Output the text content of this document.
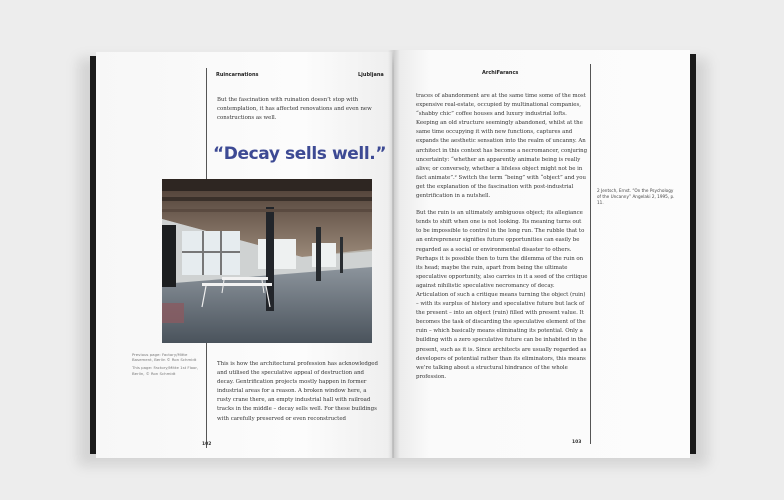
Ruincarnations	Ljubljana
But the fascination with ruination doesn’t stop with contemplation, it has affected renovations and even new constructions as well.
“Decay sells well.”

Previous page: Factory/Mitte Basement, Berlin © Ron Schmidt

This page: Factory/Mitte 1st Floor, Berlin, © Ron Schmidt

This is how the architectural profession has acknowledged and utilised the speculative appeal of destruction and decay. Gentrification projects mostly happen in former industrial areas for a reason. A broken window here, a rusty crane there, an empty industrial hall with railroad tracks in the middle – decay sells well. For these buildings with carefully preserved or even reconstructed
102
ArchiFarancs

traces of abandonment are at the same time some of the most expensive real-estate, occupied by multinational companies, “shabby chic” coffee houses and luxury industrial lofts. Keeping an old structure seemingly abandoned, whilst at the same time occupying it with new functions, captures and expands the aesthetic sensation into the realm of uncanny. An architect in this context has become a necromancer, conjuring uncertainty: “whether an apparently animate being is really alive; or conversely, whether a lifeless object might not be in fact animate”.² Switch the term “being” with “object” and you get the explanation of the fascination with post-industrial gentrification in a nutshell.

But the ruin is an ultimately ambiguous object; its allegiance tends to shift when one is not looking. Its meaning turns out to be impossible to control in the long run. The rubble that to an entrepreneur signifies future opportunities can easily be regarded as a social or environmental disaster to others. Perhaps it is possible then to turn the dilemma of the ruin on its head; maybe the ruin, apart from being the ultimate speculative opportunity, also carries in it a seed of the critique against nihilistic speculative necromancy of decay. Articulation of such a critique means turning the object (ruin) – with its surplus of history and speculative future but lack of the present – into an object (ruin) filled with present value. It becomes the task of discarding the speculative element of the ruin – which basically means eliminating its potential. Only a building with a zero speculative future can be inhabited in the present, such as it is. Since architects are usually regarded as developers of potential rather than its eliminators, this means we’re talking about a structural hindrance of the whole profession.

2 Jentsch, Ernst. “On the Psychology of the Uncanny” Angelaki 2, 1995, p. 11.
103
